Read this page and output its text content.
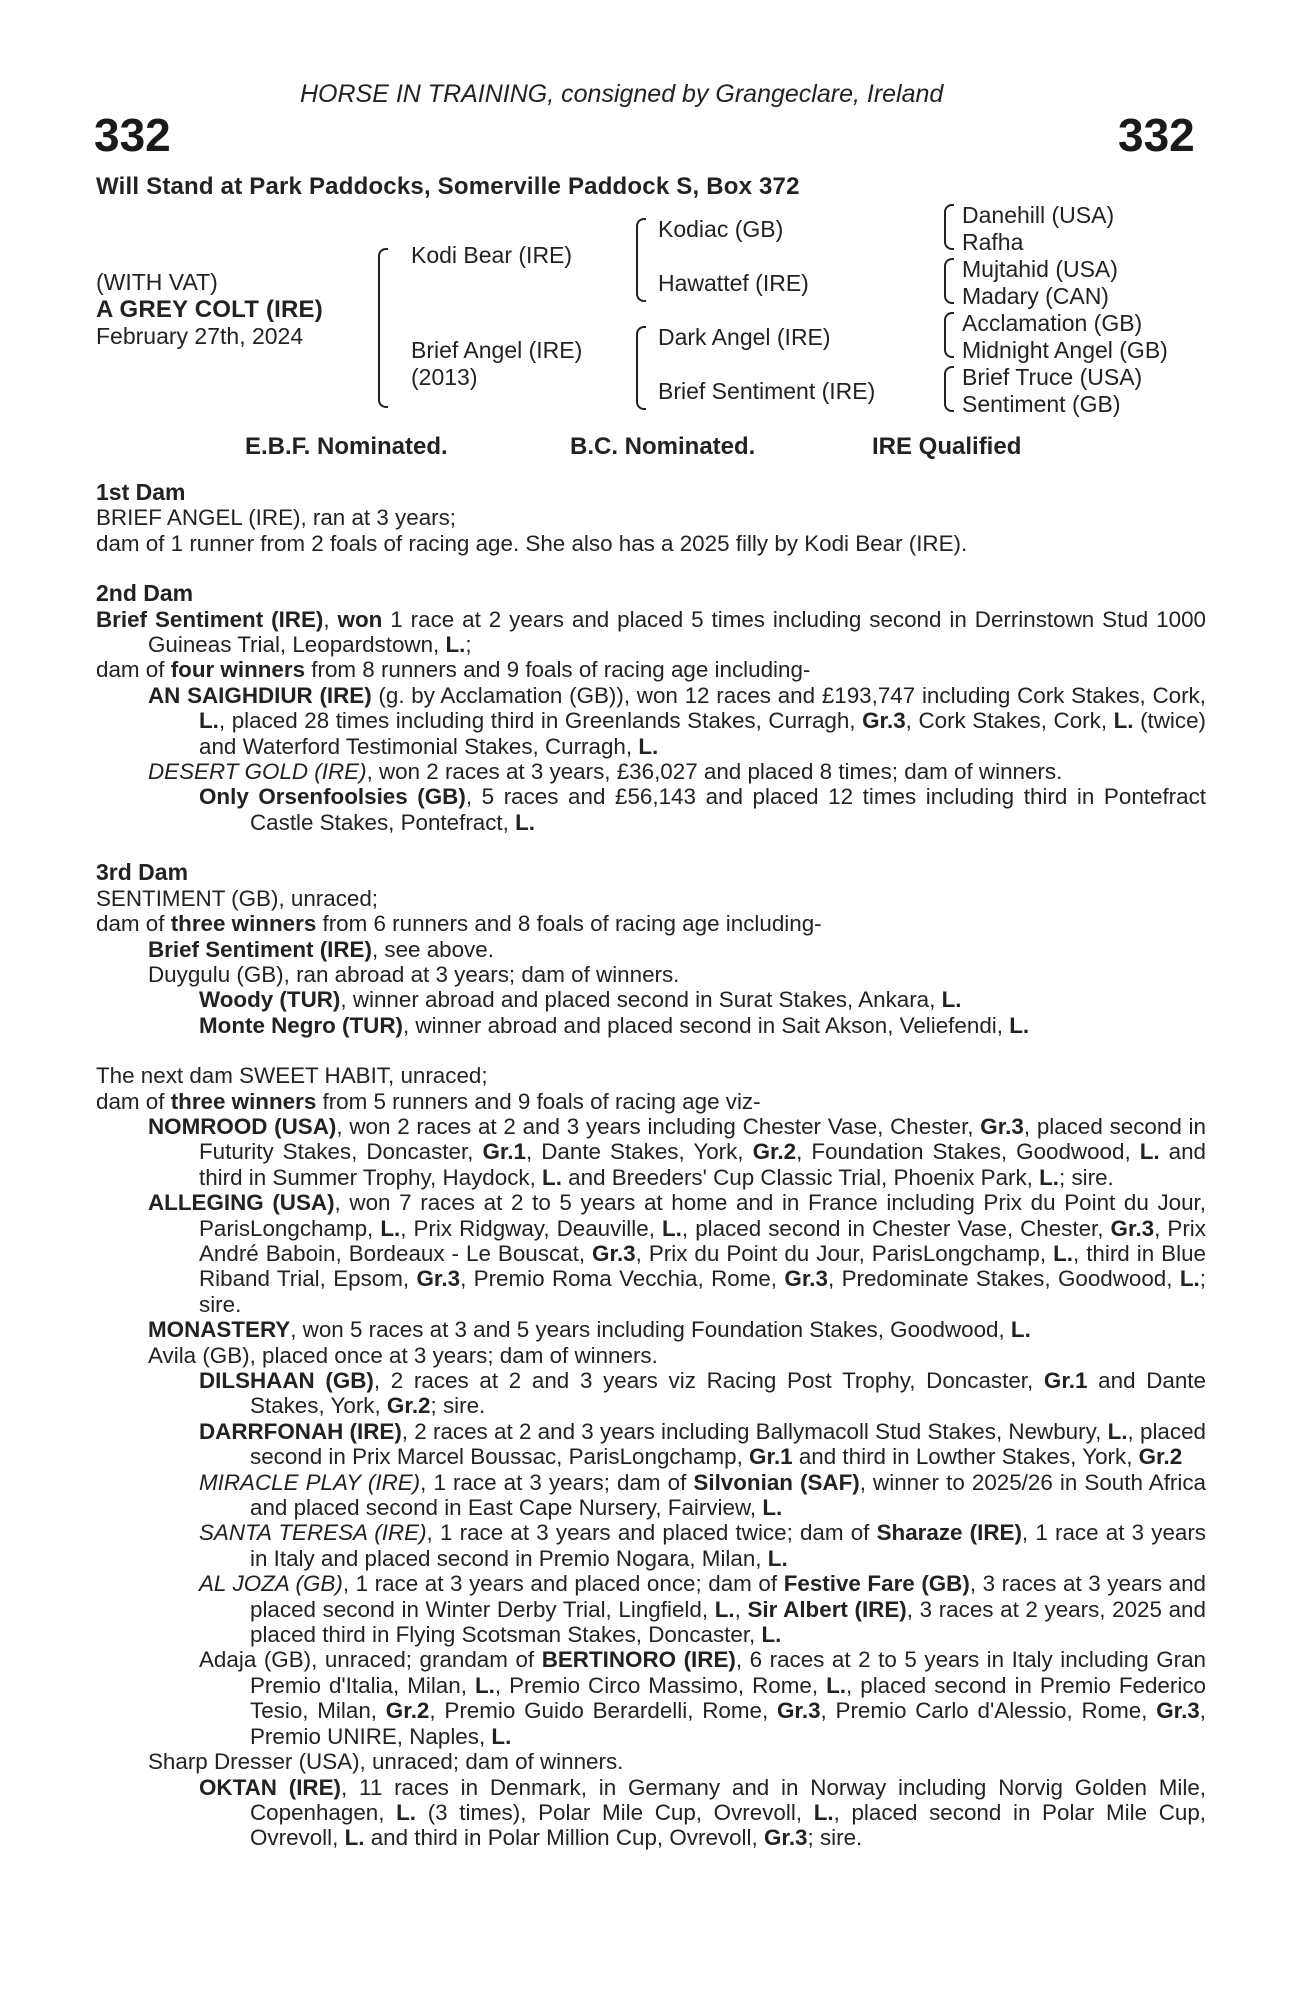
HORSE IN TRAINING, consigned by Grangeclare, Ireland
332	332
Will Stand at Park Paddocks, Somerville Paddock S, Box 372
(WITH VAT)
A GREY COLT (IRE)
February 27th, 2024
Kodi Bear (IRE)
Brief Angel (IRE)
(2013)
Kodiac (GB)
Hawattef (IRE)
Dark Angel (IRE)
Brief Sentiment (IRE)
Danehill (USA)
Rafha
Mujtahid (USA)
Madary (CAN)
Acclamation (GB)
Midnight Angel (GB)
Brief Truce (USA)
Sentiment (GB)
E.B.F. Nominated.	B.C. Nominated.	IRE Qualified

1st Dam

BRIEF ANGEL (IRE), ran at 3 years;

dam of 1 runner from 2 foals of racing age. She also has a 2025 filly by Kodi Bear (IRE).

2nd Dam

Brief Sentiment (IRE), won 1 race at 2 years and placed 5 times including second in Derrinstown Stud 1000 Guineas Trial, Leopardstown, L.;

dam of four winners from 8 runners and 9 foals of racing age including-

AN SAIGHDIUR (IRE) (g. by Acclamation (GB)), won 12 races and £193,747 including Cork Stakes, Cork, L., placed 28 times including third in Greenlands Stakes, Curragh, Gr.3, Cork Stakes, Cork, L. (twice) and Waterford Testimonial Stakes, Curragh, L.

DESERT GOLD (IRE), won 2 races at 3 years, £36,027 and placed 8 times; dam of winners.

Only Orsenfoolsies (GB), 5 races and £56,143 and placed 12 times including third in Pontefract Castle Stakes, Pontefract, L.

3rd Dam

SENTIMENT (GB), unraced;

dam of three winners from 6 runners and 8 foals of racing age including-

Brief Sentiment (IRE), see above.

Duygulu (GB), ran abroad at 3 years; dam of winners.

Woody (TUR), winner abroad and placed second in Surat Stakes, Ankara, L.

Monte Negro (TUR), winner abroad and placed second in Sait Akson, Veliefendi, L.

The next dam SWEET HABIT, unraced;

dam of three winners from 5 runners and 9 foals of racing age viz-

NOMROOD (USA), won 2 races at 2 and 3 years including Chester Vase, Chester, Gr.3, placed second in Futurity Stakes, Doncaster, Gr.1, Dante Stakes, York, Gr.2, Foundation Stakes, Goodwood, L. and third in Summer Trophy, Haydock, L. and Breeders' Cup Classic Trial, Phoenix Park, L.; sire.

ALLEGING (USA), won 7 races at 2 to 5 years at home and in France including Prix du Point du Jour, ParisLongchamp, L., Prix Ridgway, Deauville, L., placed second in Chester Vase, Chester, Gr.3, Prix André Baboin, Bordeaux - Le Bouscat, Gr.3, Prix du Point du Jour, ParisLongchamp, L., third in Blue Riband Trial, Epsom, Gr.3, Premio Roma Vecchia, Rome, Gr.3, Predominate Stakes, Goodwood, L.; sire.

MONASTERY, won 5 races at 3 and 5 years including Foundation Stakes, Goodwood, L.

Avila (GB), placed once at 3 years; dam of winners.

DILSHAAN (GB), 2 races at 2 and 3 years viz Racing Post Trophy, Doncaster, Gr.1 and Dante Stakes, York, Gr.2; sire.

DARRFONAH (IRE), 2 races at 2 and 3 years including Ballymacoll Stud Stakes, Newbury, L., placed second in Prix Marcel Boussac, ParisLongchamp, Gr.1 and third in Lowther Stakes, York, Gr.2

MIRACLE PLAY (IRE), 1 race at 3 years; dam of Silvonian (SAF), winner to 2025/26 in South Africa and placed second in East Cape Nursery, Fairview, L.

SANTA TERESA (IRE), 1 race at 3 years and placed twice; dam of Sharaze (IRE), 1 race at 3 years in Italy and placed second in Premio Nogara, Milan, L.

AL JOZA (GB), 1 race at 3 years and placed once; dam of Festive Fare (GB), 3 races at 3 years and placed second in Winter Derby Trial, Lingfield, L., Sir Albert (IRE), 3 races at 2 years, 2025 and placed third in Flying Scotsman Stakes, Doncaster, L.

Adaja (GB), unraced; grandam of BERTINORO (IRE), 6 races at 2 to 5 years in Italy including Gran Premio d'Italia, Milan, L., Premio Circo Massimo, Rome, L., placed second in Premio Federico Tesio, Milan, Gr.2, Premio Guido Berardelli, Rome, Gr.3, Premio Carlo d'Alessio, Rome, Gr.3, Premio UNIRE, Naples, L.

Sharp Dresser (USA), unraced; dam of winners.

OKTAN (IRE), 11 races in Denmark, in Germany and in Norway including Norvig Golden Mile, Copenhagen, L. (3 times), Polar Mile Cup, Ovrevoll, L., placed second in Polar Mile Cup, Ovrevoll, L. and third in Polar Million Cup, Ovrevoll, Gr.3; sire.
